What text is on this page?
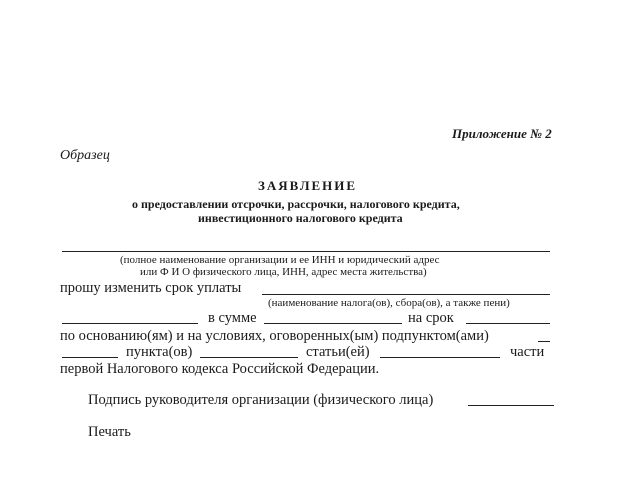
Приложение № 2
Образец
ЗАЯВЛЕНИЕ
о предоставлении отсрочки, рассрочки, налогового кредита,
инвестиционного налогового кредита
(полное наименование организации и ее ИНН и юридический адрес
или Ф И О физического лица, ИНН, адрес места жительства)
прошу изменить срок уплаты
(наименование налога(ов), сбора(ов), а также пени)
в сумме	на срок
по основанию(ям) и на условиях, оговоренных(ым) подпунктом(ами)
пункта(ов)	статьи(ей)	части
первой Налогового кодекса Российской Федерации.
Подпись руководителя организации (физического лица)
Печать
